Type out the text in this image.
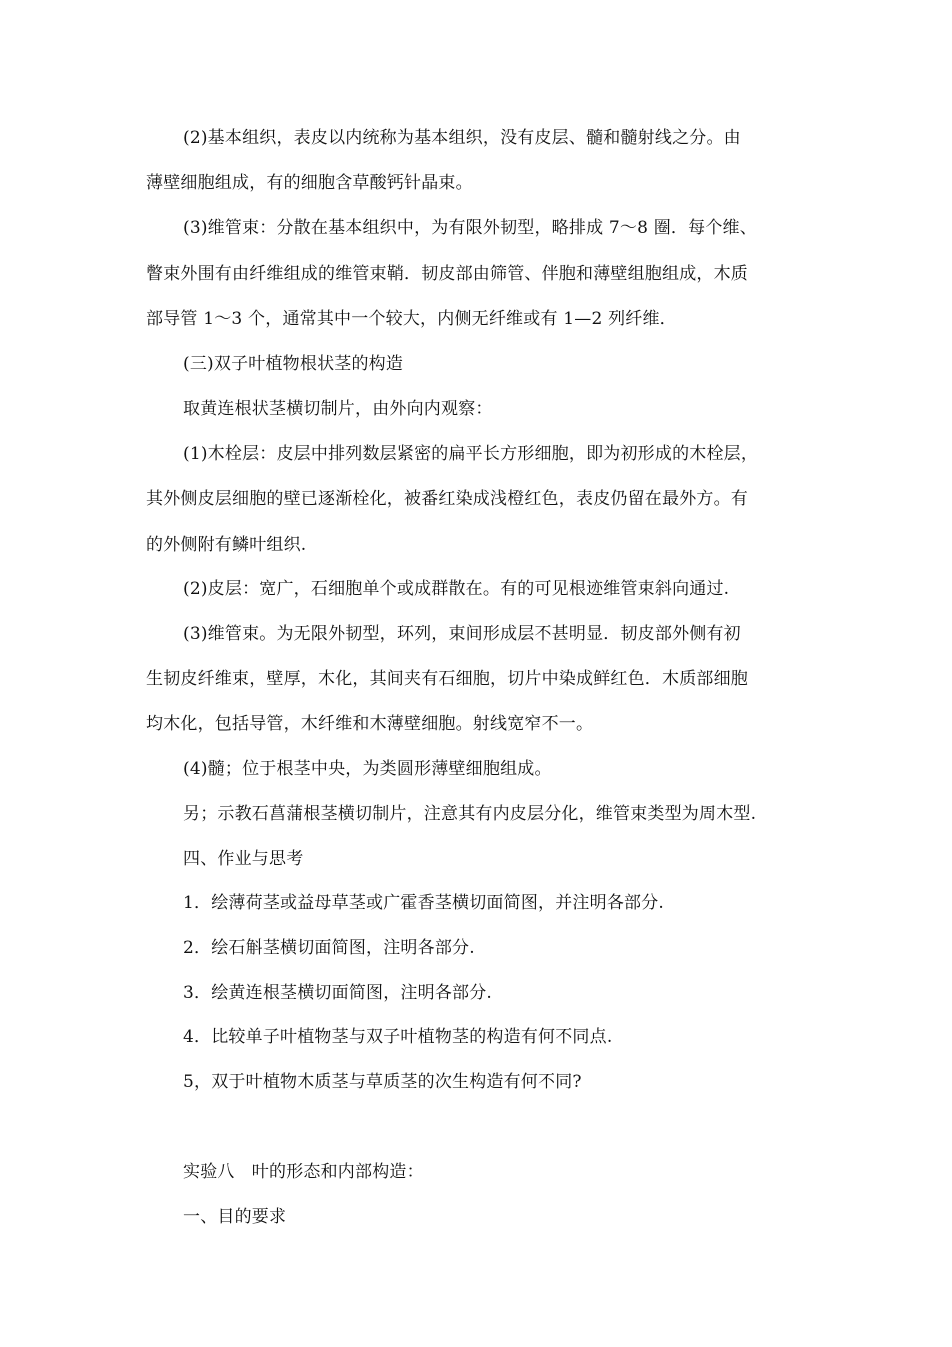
(2)基本组织，表皮以内统称为基本组织，没有皮层、髓和髓射线之分。由
薄壁细胞组成，有的细胞含草酸钙针晶束。
(3)维管束：分散在基本组织中，为有限外韧型，略排成 7～8 圈．每个维、
瞥束外围有由纤维组成的维管束鞘．韧皮部由筛管、伴胞和薄壁组胞组成，木质
部导管 1～3 个，通常其中一个较大，内侧无纤维或有 1—2 列纤维．
(三)双子叶植物根状茎的构造
取黄连根状茎横切制片，由外向内观察：
(1)木栓层：皮层中排列数层紧密的扁平长方形细胞，即为初形成的木栓层，
其外侧皮层细胞的壁已逐渐栓化，被番红染成浅橙红色，表皮仍留在最外方。有
的外侧附有鳞叶组织.
(2)皮层：宽广，石细胞单个或成群散在。有的可见根迹维管束斜向通过.
(3)维管束。为无限外韧型，环列，束间形成层不甚明显．韧皮部外侧有初
生韧皮纤维束，壁厚，木化，其间夹有石细胞，切片中染成鲜红色．木质部细胞
均木化，包括导管，木纤维和木薄壁细胞。射线宽窄不一。
(4)髓；位于根茎中央，为类圆形薄壁细胞组成。
另；示教石菖蒲根茎横切制片，注意其有内皮层分化，维管束类型为周木型.
四、作业与思考
1．绘薄荷茎或益母草茎或广霍香茎横切面简图，并注明各部分.
2．绘石斛茎横切面简图，注明各部分.
3．绘黄连根茎横切面简图，注明各部分.
4．比较单子叶植物茎与双子叶植物茎的构造有何不同点.
5，双于叶植物木质茎与草质茎的次生构造有何不同?
实验八　叶的形态和内部构造：
一、目的要求
